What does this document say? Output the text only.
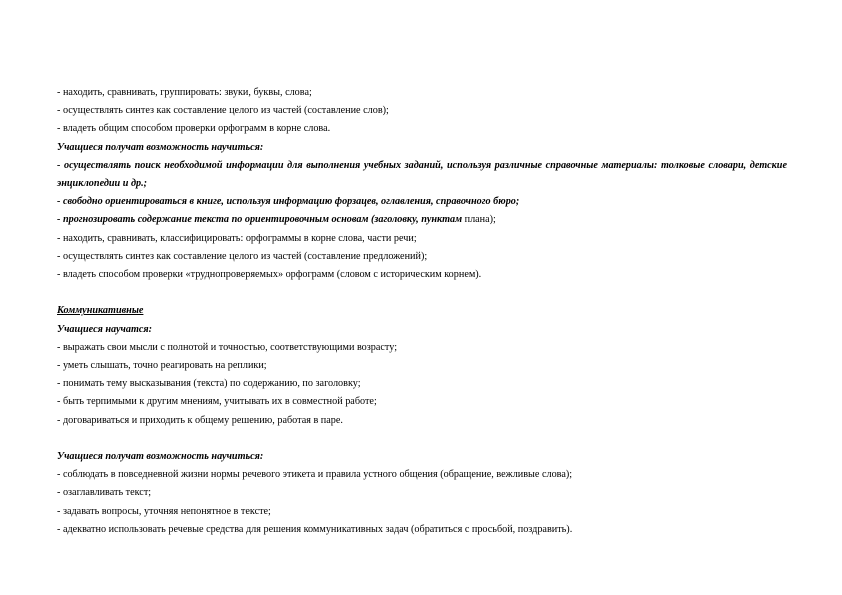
- находить, сравнивать, группировать: звуки, буквы, слова;
- осуществлять синтез как составление целого из частей (составление слов);
- владеть общим способом проверки орфограмм в корне слова.
Учащиеся получат возможность научиться:
- осуществлять поиск необходимой информации для выполнения учебных заданий, используя различные справочные материалы: толковые словари, детские энциклопедии и др.;
- свободно ориентироваться в книге, используя информацию форзацев, оглавления, справочного бюро;
- прогнозировать содержание текста по ориентировочным основам (заголовку, пунктам плана);
- находить, сравнивать, классифицировать: орфограммы в корне слова, части речи;
- осуществлять синтез как составление целого из частей (составление предложений);
- владеть способом проверки «труднопроверяемых» орфограмм (словом с историческим корнем).
Коммуникативные
Учащиеся научатся:
- выражать свои мысли с полнотой и точностью, соответствующими возрасту;
- уметь слышать, точно реагировать на реплики;
- понимать тему высказывания (текста) по содержанию, по заголовку;
- быть терпимыми к другим мнениям, учитывать их в совместной работе;
- договариваться и приходить к общему решению, работая в паре.
Учащиеся получат возможность научиться:
- соблюдать в повседневной жизни нормы речевого этикета и правила устного общения (обращение, вежливые слова);
- озаглавливать текст;
- задавать вопросы, уточняя непонятное в тексте;
- адекватно использовать речевые средства для решения коммуникативных задач (обратиться с просьбой, поздравить).
